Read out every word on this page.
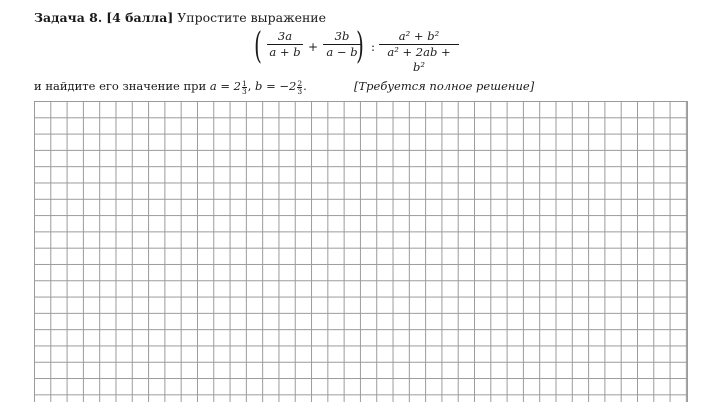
Задача 8. [4 балла] Упростите выражение
( $\frac{3a}{a + b} + \frac{3b}{a - b}$
) : $\frac{\text{a² + b²}}{\text{a² + 2ab + b²}}$
и найдите его значение при $a = 2 \frac{1}{3}$ , $b = -2 \frac{2}{3}$ .	[Требуется полное решение]
